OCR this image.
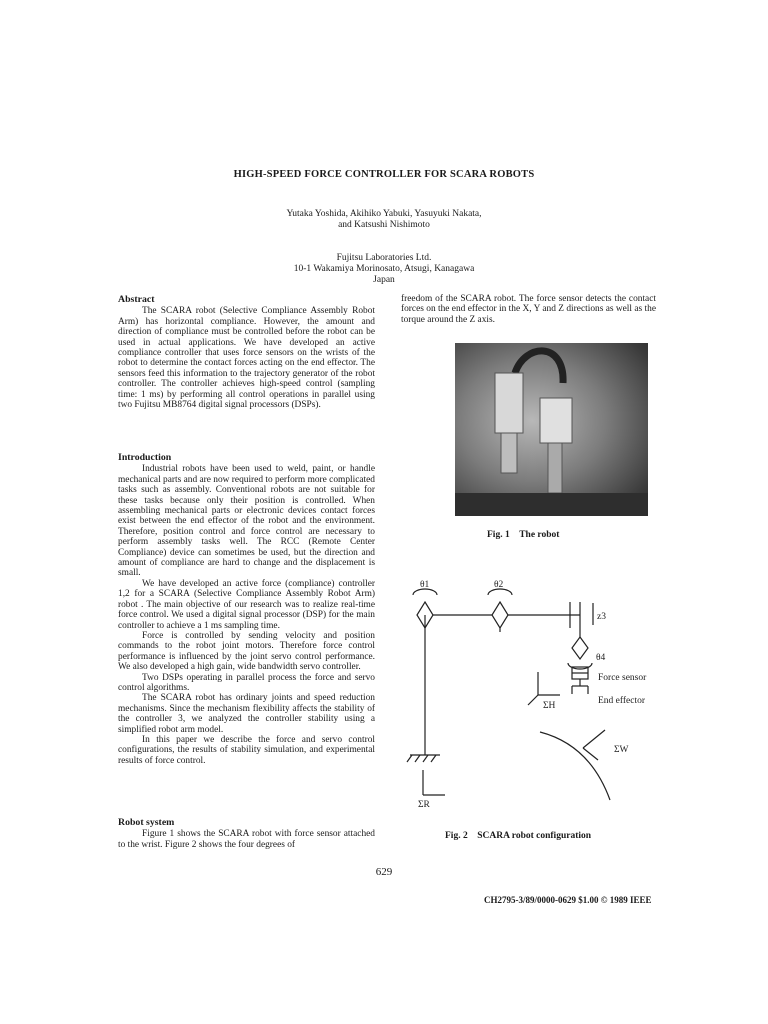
HIGH-SPEED FORCE CONTROLLER FOR SCARA ROBOTS
Yutaka Yoshida, Akihiko Yabuki, Yasuyuki Nakata,
and Katsushi Nishimoto
Fujitsu Laboratories Ltd.
10-1 Wakamiya Morinosato, Atsugi, Kanagawa
Japan
Abstract

The SCARA robot (Selective Compliance Assembly Robot Arm) has horizontal compliance. However, the amount and direction of compliance must be controlled before the robot can be used in actual applications. We have developed an active compliance controller that uses force sensors on the wrists of the robot to determine the contact forces acting on the end effector. The sensors feed this information to the trajectory generator of the robot controller. The controller achieves high-speed control (sampling time: 1 ms) by performing all control operations in parallel using two Fujitsu MB8764 digital signal processors (DSPs).

Introduction

Industrial robots have been used to weld, paint, or handle mechanical parts and are now required to perform more complicated tasks such as assembly. Conventional robots are not suitable for these tasks because only their position is controlled. When assembling mechanical parts or electronic devices contact forces exist between the end effector of the robot and the environment. Therefore, position control and force control are necessary to perform assembly tasks well. The RCC (Remote Center Compliance) device can sometimes be used, but the direction and amount of compliance are hard to change and the displacement is small.

We have developed an active force (compliance) controller 1,2 for a SCARA (Selective Compliance Assembly Robot Arm) robot . The main objective of our research was to realize real-time force control. We used a digital signal processor (DSP) for the main controller to achieve a 1 ms sampling time.

Force is controlled by sending velocity and position commands to the robot joint motors. Therefore force control performance is influenced by the joint servo control performance. We also developed a high gain, wide bandwidth servo controller.

Two DSPs operating in parallel process the force and servo control algorithms.

The SCARA robot has ordinary joints and speed reduction mechanisms. Since the mechanism flexibility affects the stability of the controller 3, we analyzed the controller stability using a simplified robot arm model.

In this paper we describe the force and servo control configurations, the results of stability simulation, and experimental results of force control.

Robot system

Figure 1 shows the SCARA robot with force sensor attached to the wrist. Figure 2 shows the four degrees of

freedom of the SCARA robot. The force sensor detects the contact forces on the end effector in the X, Y and Z directions as well as the torque around the Z axis.

Fig. 1 The robot
θ1	θ2
z3
θ4
Force sensor
End effector
ΣH
ΣW
ΣR
Fig. 2 SCARA robot configuration
629
CH2795-3/89/0000-0629 $1.00 © 1989 IEEE
